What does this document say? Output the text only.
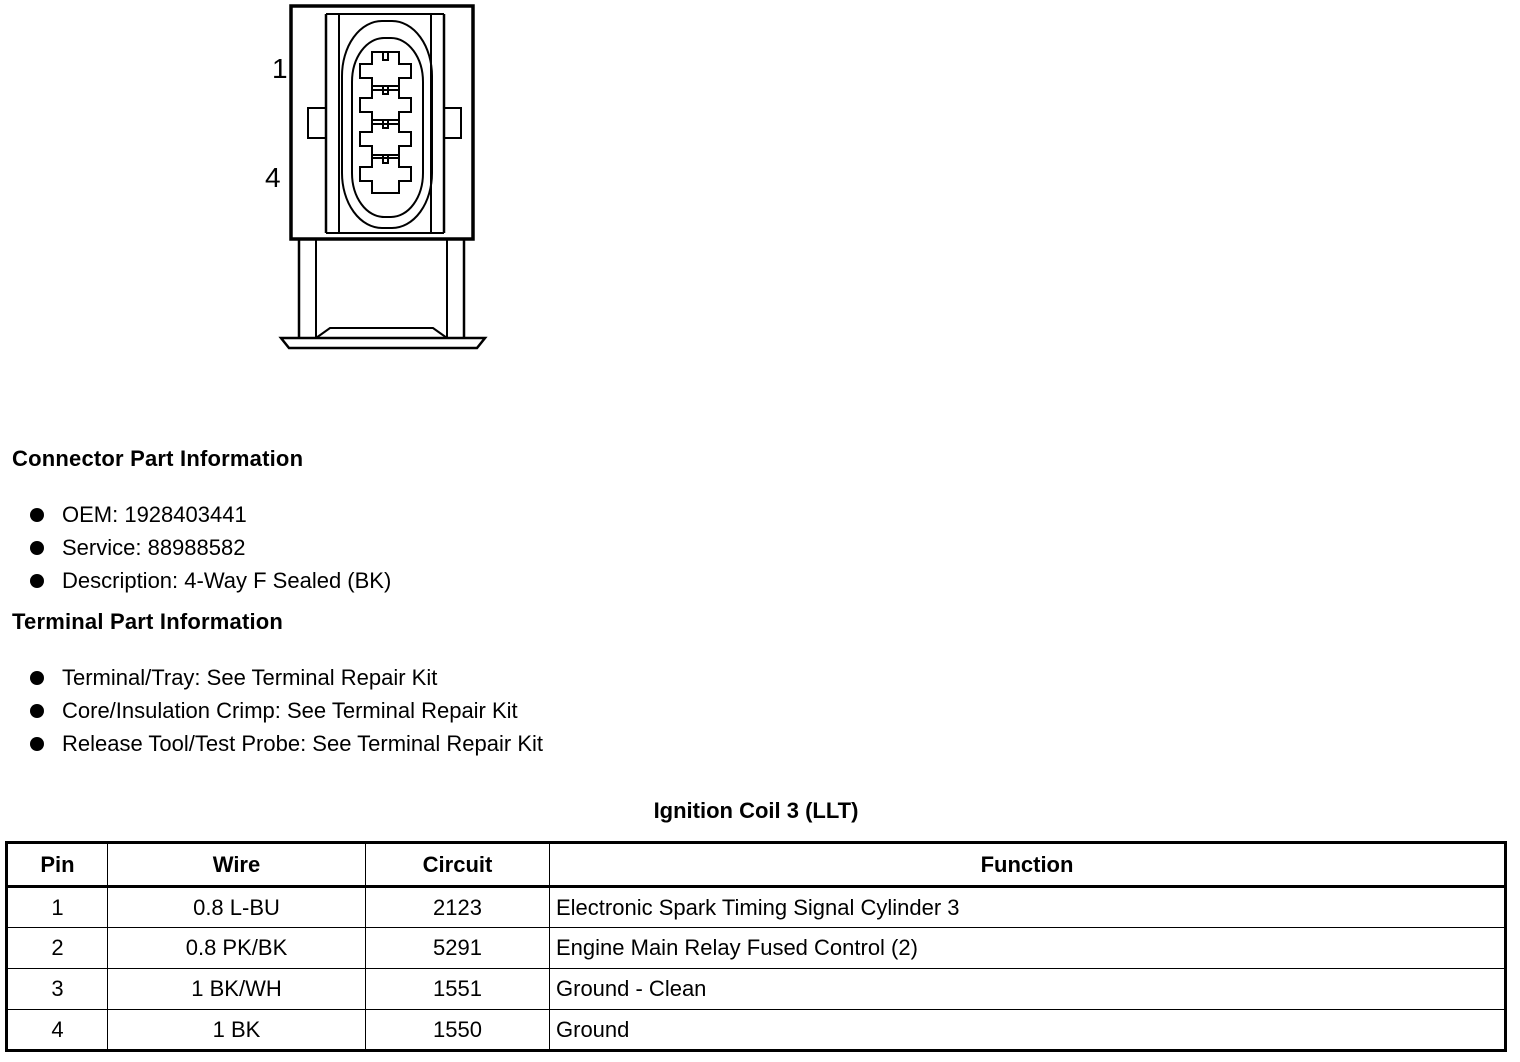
1
4
Connector Part Information
OEM: 1928403441
Service: 88988582
Description: 4-Way F Sealed (BK)
Terminal Part Information
Terminal/Tray: See Terminal Repair Kit
Core/Insulation Crimp: See Terminal Repair Kit
Release Tool/Test Probe: See Terminal Repair Kit
Ignition Coil 3 (LLT)
Pin	Wire	Circuit	Function
1	0.8 L-BU	2123	Electronic Spark Timing Signal Cylinder 3
2	0.8 PK/BK	5291	Engine Main Relay Fused Control (2)
3	1 BK/WH	1551	Ground - Clean
4	1 BK	1550	Ground
